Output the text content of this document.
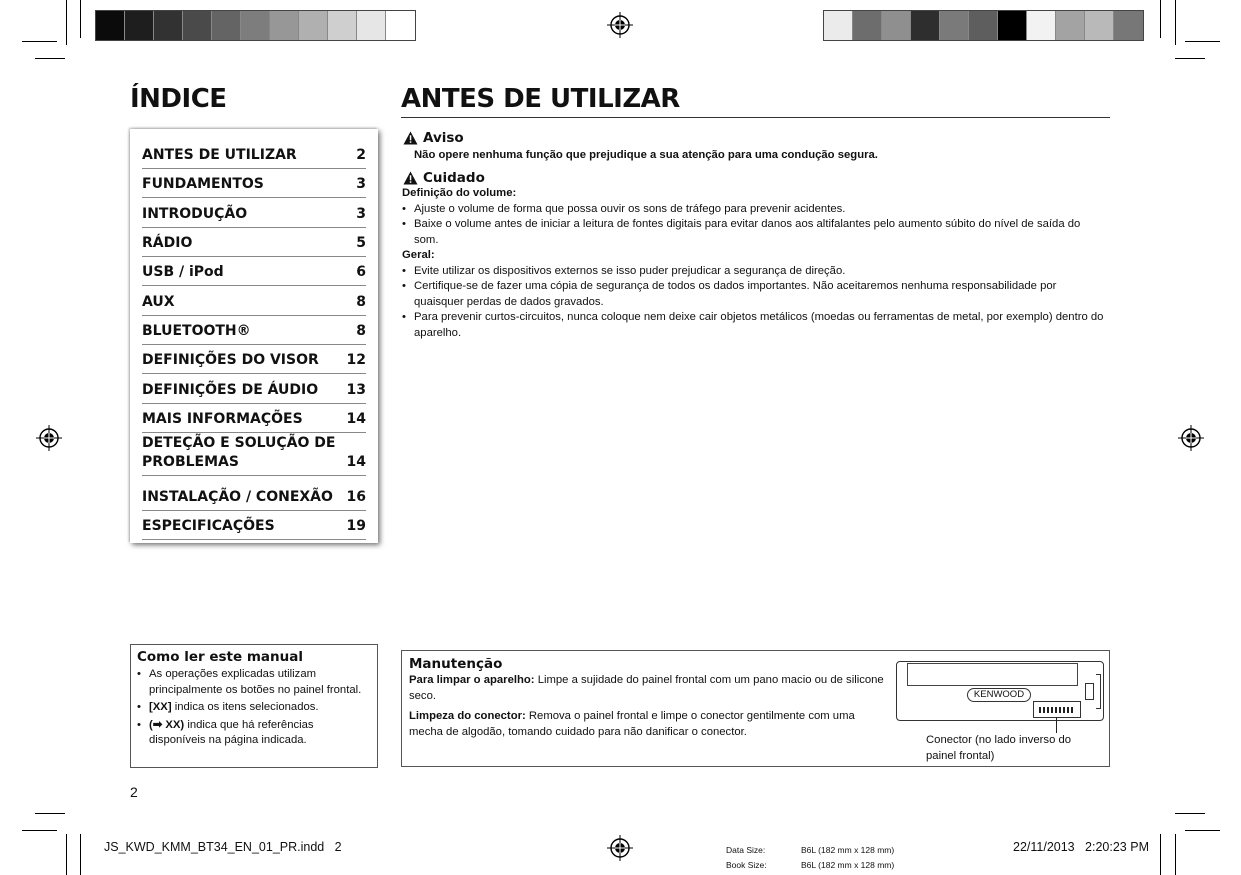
ÍNDICE	ANTES DE UTILIZAR
ANTES DE UTILIZAR	2
FUNDAMENTOS	3
INTRODUÇÃO	3
RÁDIO	5
USB / iPod	6
AUX	8
BLUETOOTH®	8
DEFINIÇÕES DO VISOR 12
DEFINIÇÕES DE ÁUDIO 13
MAIS INFORMAÇÕES	14
DETEÇÃO E SOLUÇÃO DE
PROBLEMAS	14
INSTALAÇÃO / CONEXÃO 16
ESPECIFICAÇÕES	19
Aviso
Não opere nenhuma função que prejudique a sua atenção para uma condução segura.
Cuidado
Definição do volume:
• Ajuste o volume de forma que possa ouvir os sons de tráfego para prevenir acidentes.
• Baixe o volume antes de iniciar a leitura de fontes digitais para evitar danos aos altifalantes pelo aumento súbito do nível de saída do som.
Geral:
• Evite utilizar os dispositivos externos se isso puder prejudicar a segurança de direção.
• Certifique-se de fazer uma cópia de segurança de todos os dados importantes. Não aceitaremos nenhuma responsabilidade por quaisquer perdas de dados gravados.
• Para prevenir curtos-circuitos, nunca coloque nem deixe cair objetos metálicos (moedas ou ferramentas de metal, por exemplo) dentro do aparelho.
Como ler este manual
• As operações explicadas utilizam principalmente os botões no painel frontal.
• [XX] indica os itens selecionados.
• (➡ XX) indica que há referências disponíveis na página indicada.
Manutenção
Para limpar o aparelho: Limpe a sujidade do painel frontal com um pano macio ou de silicone seco.
Limpeza do conector: Remova o painel frontal e limpe o conector gentilmente com uma mecha de algodão, tomando cuidado para não danificar o conector.
KENWOOD
Conector (no lado inverso do painel frontal)
2
JS_KWD_KMM_BT34_EN_01_PR.indd   2	Data Size:	B6L (182 mm x 128 mm)
Book Size:	B6L (182 mm x 128 mm)
22/11/2013   2:20:23 PM
